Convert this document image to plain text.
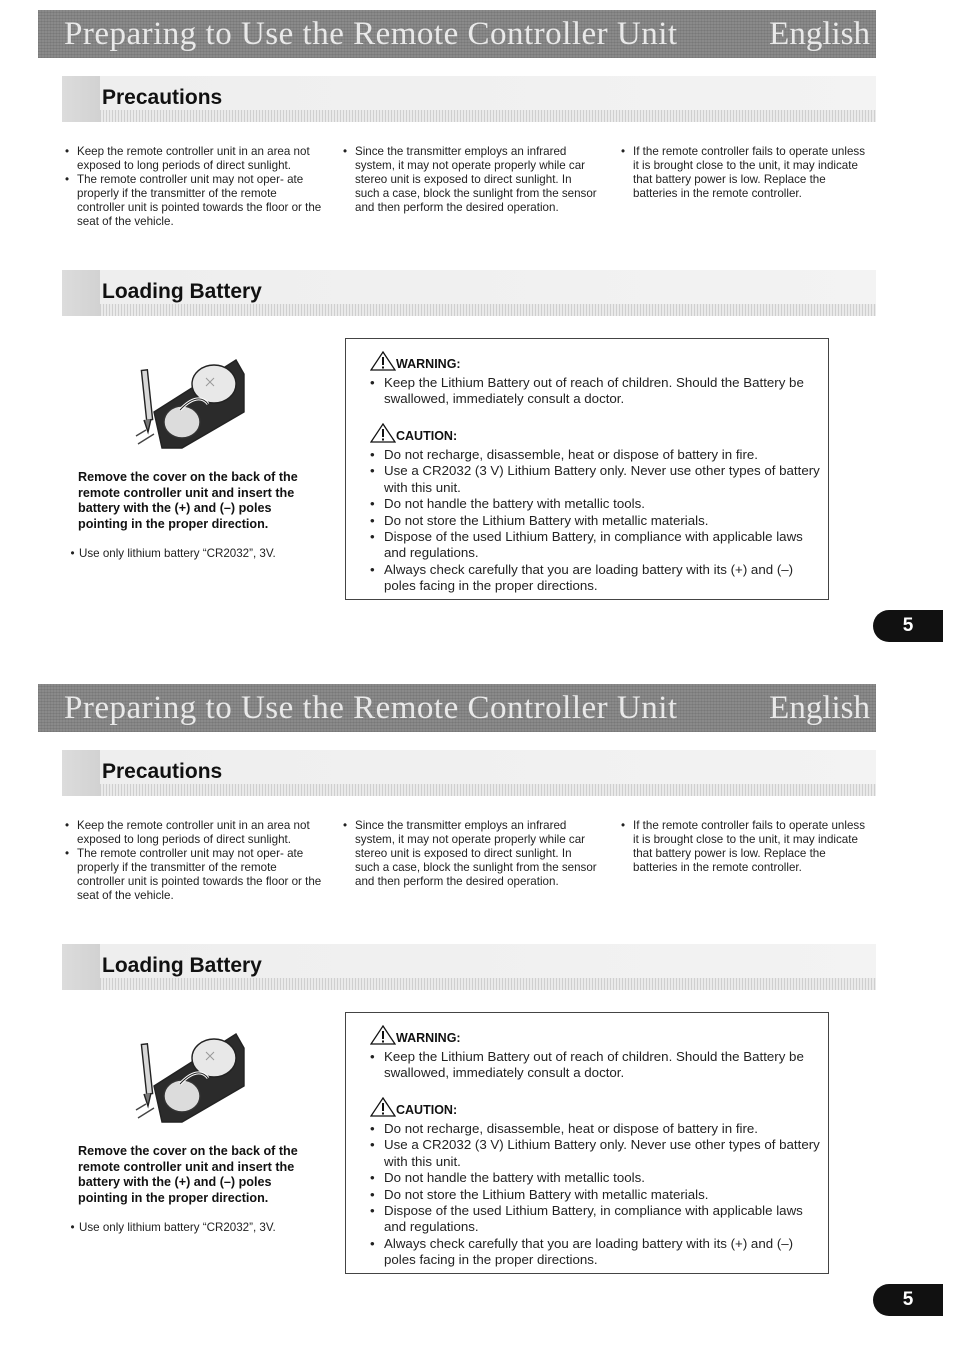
Preparing to Use the Remote Controller Unit	English
Precautions
• Keep the remote controller unit in an area not exposed to long periods of direct sunlight.
• The remote controller unit may not oper- ate properly if the transmitter of the remote controller unit is pointed towards the floor or the seat of the vehicle.
• Since the transmitter employs an infrared system, it may not operate properly while car stereo unit is exposed to direct sunlight. In such a case, block the sunlight from the sensor and then perform the desired operation.
• If the remote controller fails to operate unless it is brought close to the unit, it may indicate that battery power is low. Replace the batteries in the remote controller.
Loading Battery
Remove the cover on the back of the remote controller unit and insert the battery with the (+) and (–) poles pointing in the proper direction.
• Use only lithium battery “CR2032”, 3V.
WARNING:
• Keep the Lithium Battery out of reach of children. Should the Battery be swallowed, immediately consult a doctor.
CAUTION:
• Do not recharge, disassemble, heat or dispose of battery in fire.
• Use a CR2032 (3 V) Lithium Battery only. Never use other types of battery with this unit.
• Do not handle the battery with metallic tools.
• Do not store the Lithium Battery with metallic materials.
• Dispose of the used Lithium Battery, in compliance with applicable laws and regulations.
• Always check carefully that you are loading battery with its (+) and (–) poles facing in the proper directions.
5
Preparing to Use the Remote Controller Unit	English
Precautions
• Keep the remote controller unit in an area not exposed to long periods of direct sunlight.
• The remote controller unit may not oper- ate properly if the transmitter of the remote controller unit is pointed towards the floor or the seat of the vehicle.
• Since the transmitter employs an infrared system, it may not operate properly while car stereo unit is exposed to direct sunlight. In such a case, block the sunlight from the sensor and then perform the desired operation.
• If the remote controller fails to operate unless it is brought close to the unit, it may indicate that battery power is low. Replace the batteries in the remote controller.
Loading Battery
Remove the cover on the back of the remote controller unit and insert the battery with the (+) and (–) poles pointing in the proper direction.
• Use only lithium battery “CR2032”, 3V.
WARNING:
• Keep the Lithium Battery out of reach of children. Should the Battery be swallowed, immediately consult a doctor.
CAUTION:
• Do not recharge, disassemble, heat or dispose of battery in fire.
• Use a CR2032 (3 V) Lithium Battery only. Never use other types of battery with this unit.
• Do not handle the battery with metallic tools.
• Do not store the Lithium Battery with metallic materials.
• Dispose of the used Lithium Battery, in compliance with applicable laws and regulations.
• Always check carefully that you are loading battery with its (+) and (–) poles facing in the proper directions.
5
